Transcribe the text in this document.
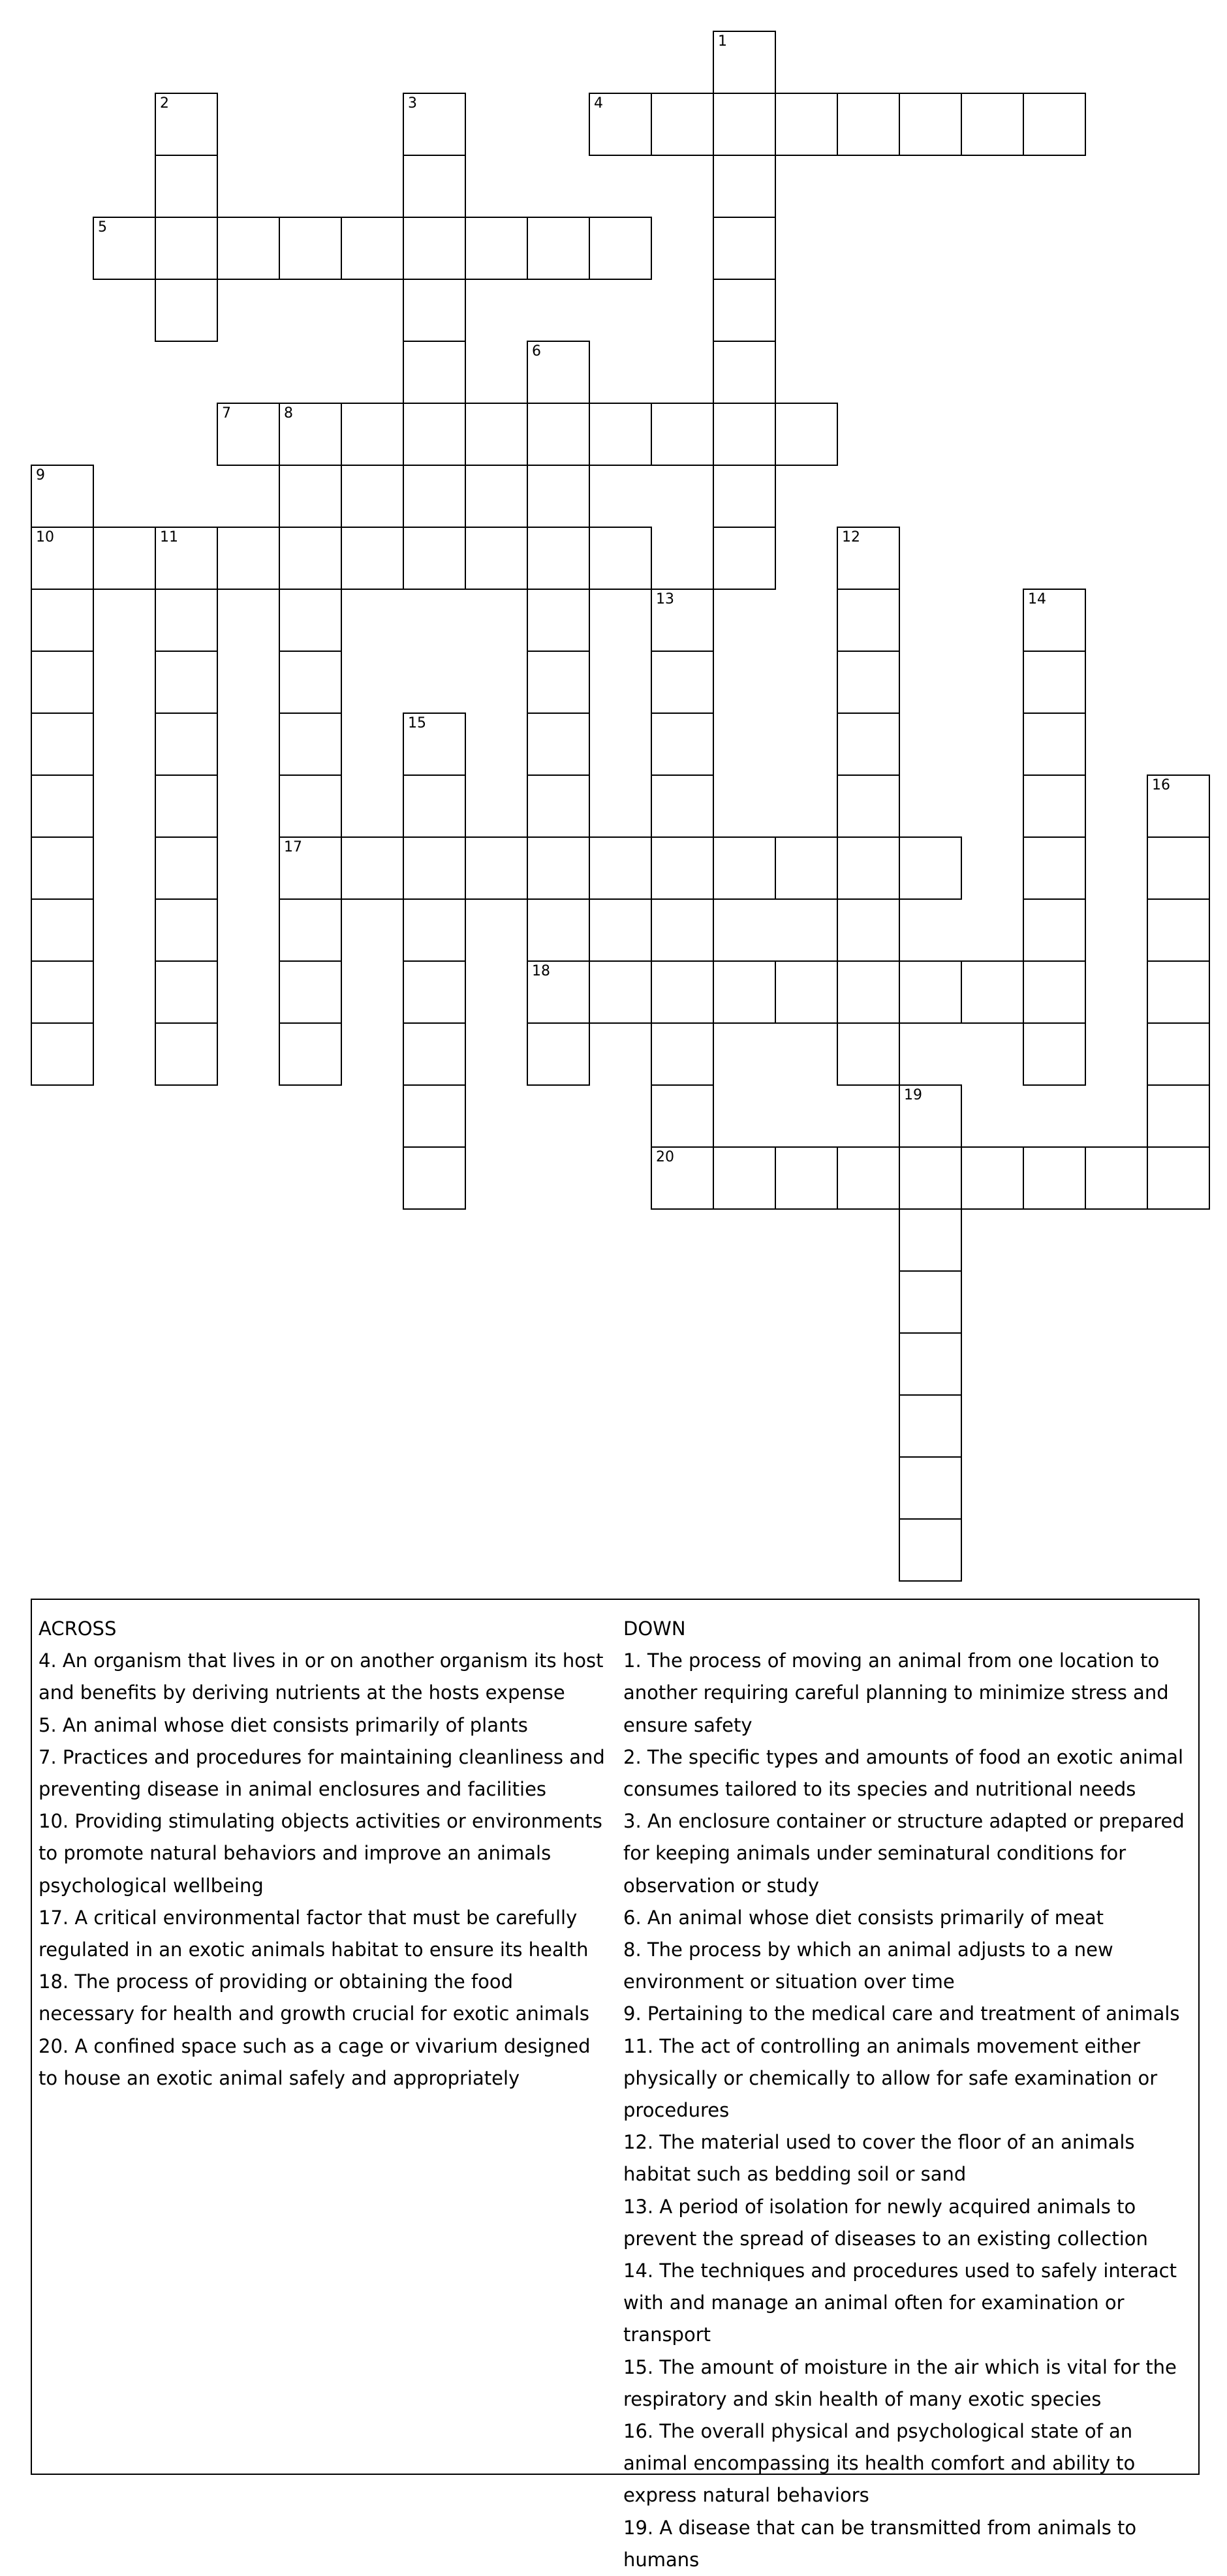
1
2	3	4
5
6
18
7	8
17
9
10	11	12
13
20
14
15
16
19
ACROSS
4. An organism that lives in or on another organism its host and benefits by deriving nutrients at the hosts expense
5. An animal whose diet consists primarily of plants
7. Practices and procedures for maintaining cleanliness and preventing disease in animal enclosures and facilities
10. Providing stimulating objects activities or environments to promote natural behaviors and improve an animals psychological wellbeing
17. A critical environmental factor that must be carefully regulated in an exotic animals habitat to ensure its health
18. The process of providing or obtaining the food necessary for health and growth crucial for exotic animals
20. A confined space such as a cage or vivarium designed to house an exotic animal safely and appropriately
DOWN
1. The process of moving an animal from one location to another requiring careful planning to minimize stress and ensure safety
2. The specific types and amounts of food an exotic animal consumes tailored to its species and nutritional needs
3. An enclosure container or structure adapted or prepared for keeping animals under seminatural conditions for observation or study
6. An animal whose diet consists primarily of meat
8. The process by which an animal adjusts to a new environment or situation over time
9. Pertaining to the medical care and treatment of animals
11. The act of controlling an animals movement either physically or chemically to allow for safe examination or procedures
12. The material used to cover the floor of an animals habitat such as bedding soil or sand
13. A period of isolation for newly acquired animals to prevent the spread of diseases to an existing collection
14. The techniques and procedures used to safely interact with and manage an animal often for examination or transport
15. The amount of moisture in the air which is vital for the respiratory and skin health of many exotic species
16. The overall physical and psychological state of an animal encompassing its health comfort and ability to express natural behaviors
19. A disease that can be transmitted from animals to humans
